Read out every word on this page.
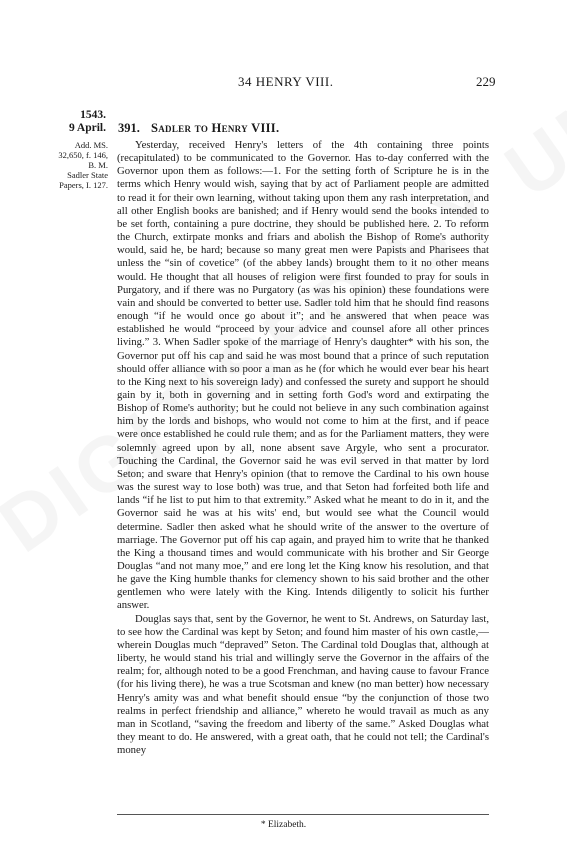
34 HENRY VIII.	229
1543.
9 April.
Add. MS.
32,650, f. 146,
B. M.
Sadler State
Papers, I. 127.
391. Sadler to Henry VIII.

Yesterday, received Henry's letters of the 4th containing three points (recapitulated) to be communicated to the Governor. Has to-day conferred with the Governor upon them as follows:—1. For the setting forth of Scripture he is in the terms which Henry would wish, saying that by act of Parliament people are admitted to read it for their own learning, without taking upon them any rash interpretation, and all other English books are banished; and if Henry would send the books intended to be set forth, containing a pure doctrine, they should be published here. 2. To reform the Church, extirpate monks and friars and abolish the Bishop of Rome's authority would, said he, be hard; because so many great men were Papists and Pharisees that unless the “sin of covetice” (of the abbey lands) brought them to it no other means would. He thought that all houses of religion were first founded to pray for souls in Purgatory, and if there was no Purgatory (as was his opinion) these foundations were vain and should be converted to better use. Sadler told him that he should find reasons enough “if he would once go about it”; and he answered that when peace was established he would “proceed by your advice and counsel afore all other princes living.” 3. When Sadler spoke of the marriage of Henry's daughter* with his son, the Governor put off his cap and said he was most bound that a prince of such reputation should offer alliance with so poor a man as he (for which he would ever bear his heart to the King next to his sovereign lady) and confessed the surety and support he should gain by it, both in governing and in setting forth God's word and extirpating the Bishop of Rome's authority; but he could not believe in any such combination against him by the lords and bishops, who would not come to him at the first, and if peace were once established he could rule them; and as for the Parliament matters, they were solemnly agreed upon by all, none absent save Argyle, who sent a procurator. Touching the Cardinal, the Governor said he was evil served in that matter by lord Seton; and sware that Henry's opinion (that to remove the Cardinal to his own house was the surest way to lose both) was true, and that Seton had forfeited both life and lands “if he list to put him to that extremity.” Asked what he meant to do in it, and the Governor said he was at his wits' end, but would see what the Council would determine. Sadler then asked what he should write of the answer to the overture of marriage. The Governor put off his cap again, and prayed him to write that he thanked the King a thousand times and would communicate with his brother and Sir George Douglas “and not many moe,” and ere long let the King know his resolution, and that he gave the King humble thanks for clemency shown to his said brother and the other gentlemen who were lately with the King. Intends diligently to solicit his further answer.

Douglas says that, sent by the Governor, he went to St. Andrews, on Saturday last, to see how the Cardinal was kept by Seton; and found him master of his own castle,—wherein Douglas much “depraved” Seton. The Cardinal told Douglas that, although at liberty, he would stand his trial and willingly serve the Governor in the affairs of the realm; for, although noted to be a good Frenchman, and having cause to favour France (for his living there), he was a true Scotsman and knew (no man better) how necessary Henry's amity was and what benefit should ensue “by the conjunction of those two realms in perfect friendship and alliance,” whereto he would travail as much as any man in Scotland, “saving the freedom and liberty of the same.” Asked Douglas what they meant to do. He answered, with a great oath, that he could not tell; the Cardinal's money

* Elizabeth.
